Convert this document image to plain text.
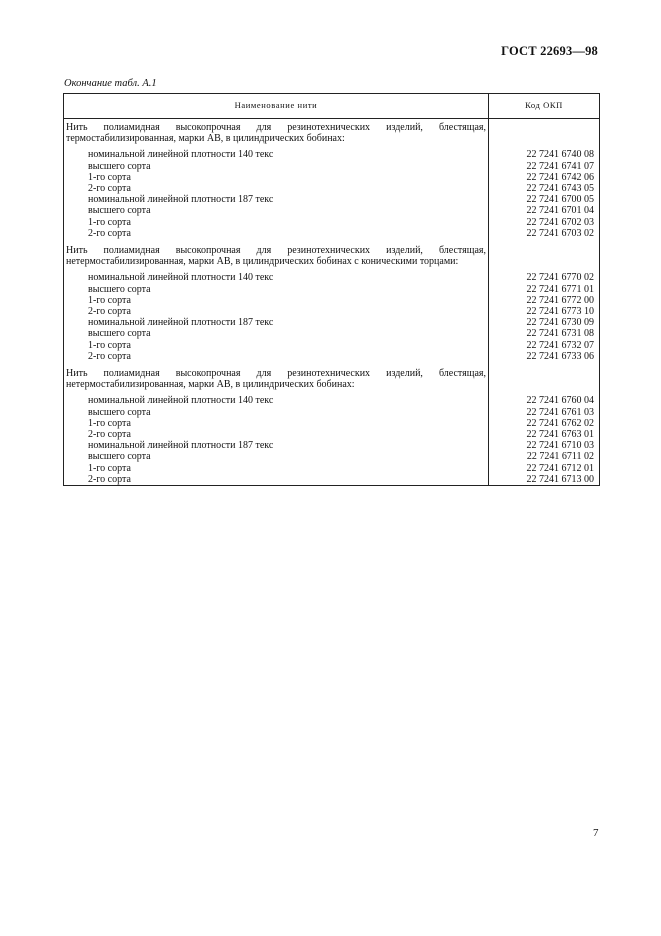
ГОСТ 22693—98
Окончание табл. А.1
Наименование нити	Код ОКП

Нить полиамидная высокопрочная для резинотехнических изделий, блестящая, термостабилизированная, марки АВ, в цилиндрических бобинах:	

номинальной линейной плотности 140 текс	22 7241 6740 08

высшего сорта	22 7241 6741 07

1-го сорта	22 7241 6742 06

2-го сорта	22 7241 6743 05

номинальной линейной плотности 187 текс	22 7241 6700 05

высшего сорта	22 7241 6701 04

1-го сорта	22 7241 6702 03

2-го сорта	22 7241 6703 02

Нить полиамидная высокопрочная для резинотехнических изделий, блестящая, нетермостабилизированная, марки АВ, в цилиндрических бобинах с коническими торцами:	

номинальной линейной плотности 140 текс	22 7241 6770 02

высшего сорта	22 7241 6771 01

1-го сорта	22 7241 6772 00

2-го сорта	22 7241 6773 10

номинальной линейной плотности 187 текс	22 7241 6730 09

высшего сорта	22 7241 6731 08

1-го сорта	22 7241 6732 07

2-го сорта	22 7241 6733 06

Нить полиамидная высокопрочная для резинотехнических изделий, блестящая, нетермостабилизированная, марки АВ, в цилиндрических бобинах:	

номинальной линейной плотности 140 текс	22 7241 6760 04

высшего сорта	22 7241 6761 03

1-го сорта	22 7241 6762 02

2-го сорта	22 7241 6763 01

номинальной линейной плотности 187 текс	22 7241 6710 03

высшего сорта	22 7241 6711 02

1-го сорта	22 7241 6712 01

2-го сорта	22 7241 6713 00
7
